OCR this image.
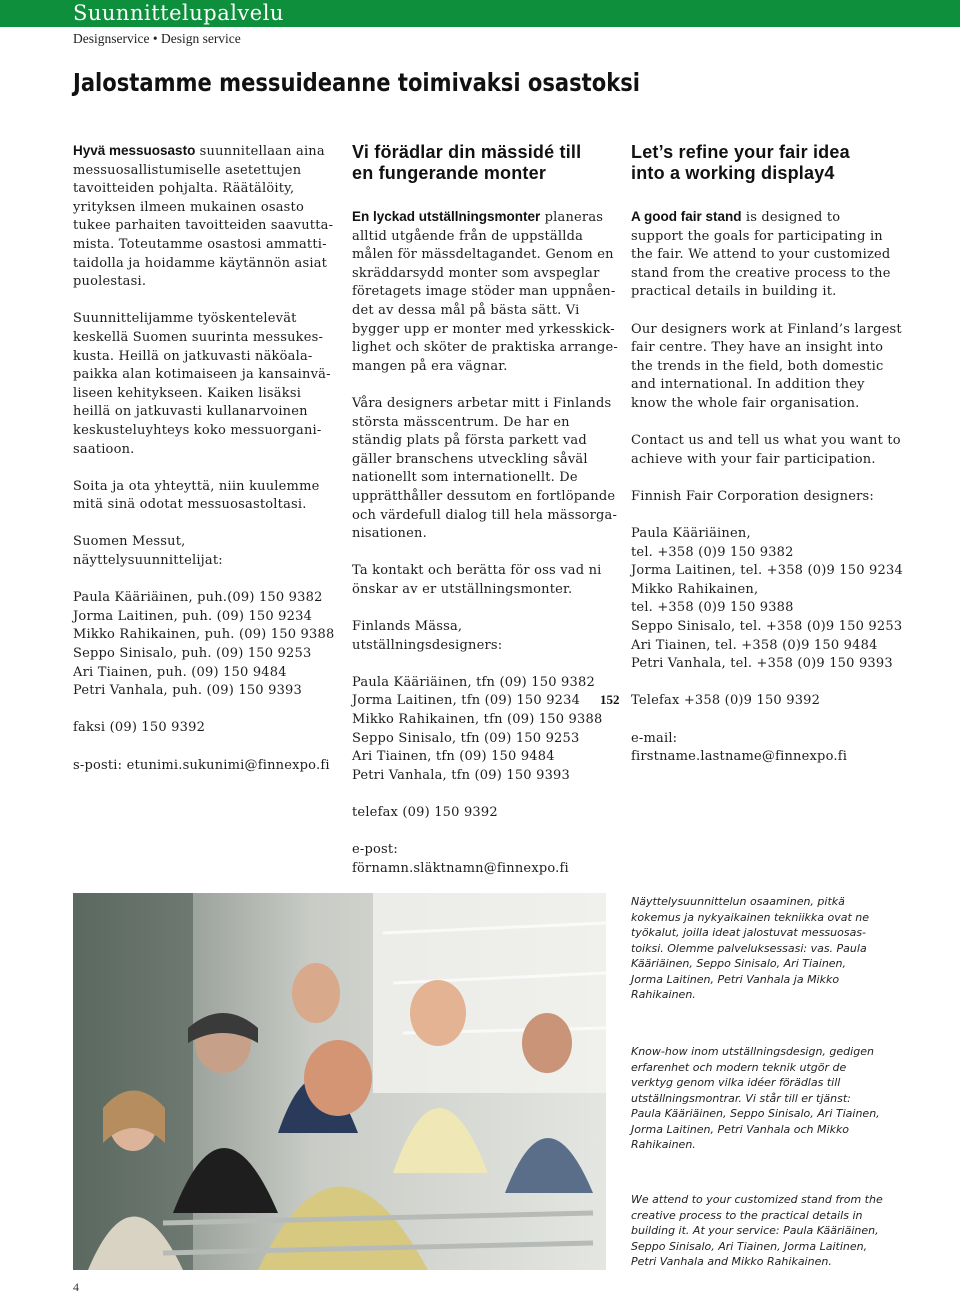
Suunnittelupalvelu
Designservice • Design service
Jalostamme messuideanne toimivaksi osastoksi

Hyvä messuosasto suunnitellaan aina
messuosallistumiselle asetettujen
tavoitteiden pohjalta. Räätälöity,
yrityksen ilmeen mukainen osasto
tukee parhaiten tavoitteiden saavutta-
mista. Toteutamme osastosi ammatti-
taidolla ja hoidamme käytännön asiat
puolestasi.

Suunnittelijamme työskentelevät
keskellä Suomen suurinta messukes-
kusta. Heillä on jatkuvasti näköala-
paikka alan kotimaiseen ja kansainvä-
liseen kehitykseen. Kaiken lisäksi
heillä on jatkuvasti kullanarvoinen
keskusteluyhteys koko messuorgani-
saatioon.

Soita ja ota yhteyttä, niin kuulemme
mitä sinä odotat messuosastoltasi.

Suomen Messut, näyttelysuunnittelijat:

Paula Kääriäinen, puh.(09) 150 9382
Jorma Laitinen, puh. (09) 150 9234
Mikko Rahikainen, puh. (09) 150 9388
Seppo Sinisalo, puh. (09) 150 9253
Ari Tiainen, puh. (09) 150 9484
Petri Vanhala, puh. (09) 150 9393

faksi (09) 150 9392

s-posti: etunimi.sukunimi@finnexpo.fi

Vi förädlar din mässidé till
en fungerande monter

En lyckad utställningsmonter planeras
alltid utgående från de uppställda
målen för mässdeltagandet. Genom en
skräddarsydd monter som avspeglar
företagets image stöder man uppnåen-
det av dessa mål på bästa sätt. Vi
bygger upp er monter med yrkesskick-
lighet och sköter de praktiska arrange-
mangen på era vägnar.

Våra designers arbetar mitt i Finlands
största mässcentrum. De har en
ständig plats på första parkett vad
gäller branschens utveckling såväl
nationellt som internationellt. De
upprätthåller dessutom en fortlöpande
och värdefull dialog till hela mässorga-
nisationen.

Ta kontakt och berätta för oss vad ni
önskar av er utställningsmonter.

Finlands Mässa, utställningsdesigners:

Paula Kääriäinen, tfn (09) 150 9382
Jorma Laitinen, tfn (09) 150 9234
Mikko Rahikainen, tfn (09) 150 9388
Seppo Sinisalo, tfn (09) 150 9253
Ari Tiainen, tfn (09) 150 9484
Petri Vanhala, tfn (09) 150 9393

telefax (09) 150 9392

e-post:
förnamn.släktnamn@finnexpo.fi

Let’s refine your fair idea
into a working display4

A good fair stand is designed to
support the goals for participating in
the fair. We attend to your customized
stand from the creative process to the
practical details in building it.

Our designers work at Finland’s largest
fair centre. They have an insight into
the trends in the field, both domestic
and international. In addition they
know the whole fair organisation.

Contact us and tell us what you want to
achieve with your fair participation.

Finnish Fair Corporation designers:

Paula Kääriäinen,
tel. +358 (0)9 150 9382
Jorma Laitinen, tel. +358 (0)9 150 9234
Mikko Rahikainen,
tel. +358 (0)9 150 9388
Seppo Sinisalo, tel. +358 (0)9 150 9253
Ari Tiainen, tel. +358 (0)9 150 9484
Petri Vanhala, tel. +358 (0)9 150 9393

Telefax +358 (0)9 150 9392

e-mail:
firstname.lastname@finnexpo.fi

152
Näyttelysuunnittelun osaaminen, pitkä
kokemus ja nykyaikainen tekniikka ovat ne
työkalut, joilla ideat jalostuvat messuosas-
toiksi. Olemme palveluksessasi: vas. Paula
Kääriäinen, Seppo Sinisalo, Ari Tiainen,
Jorma Laitinen, Petri Vanhala ja Mikko
Rahikainen.
Know-how inom utställningsdesign, gedigen
erfarenhet och modern teknik utgör de
verktyg genom vilka idéer förädlas till
utställningsmontrar. Vi står till er tjänst:
Paula Kääriäinen, Seppo Sinisalo, Ari Tiainen,
Jorma Laitinen, Petri Vanhala och Mikko
Rahikainen.
We attend to your customized stand from the
creative process to the practical details in
building it. At your service: Paula Kääriäinen,
Seppo Sinisalo, Ari Tiainen, Jorma Laitinen,
Petri Vanhala and Mikko Rahikainen.
4
